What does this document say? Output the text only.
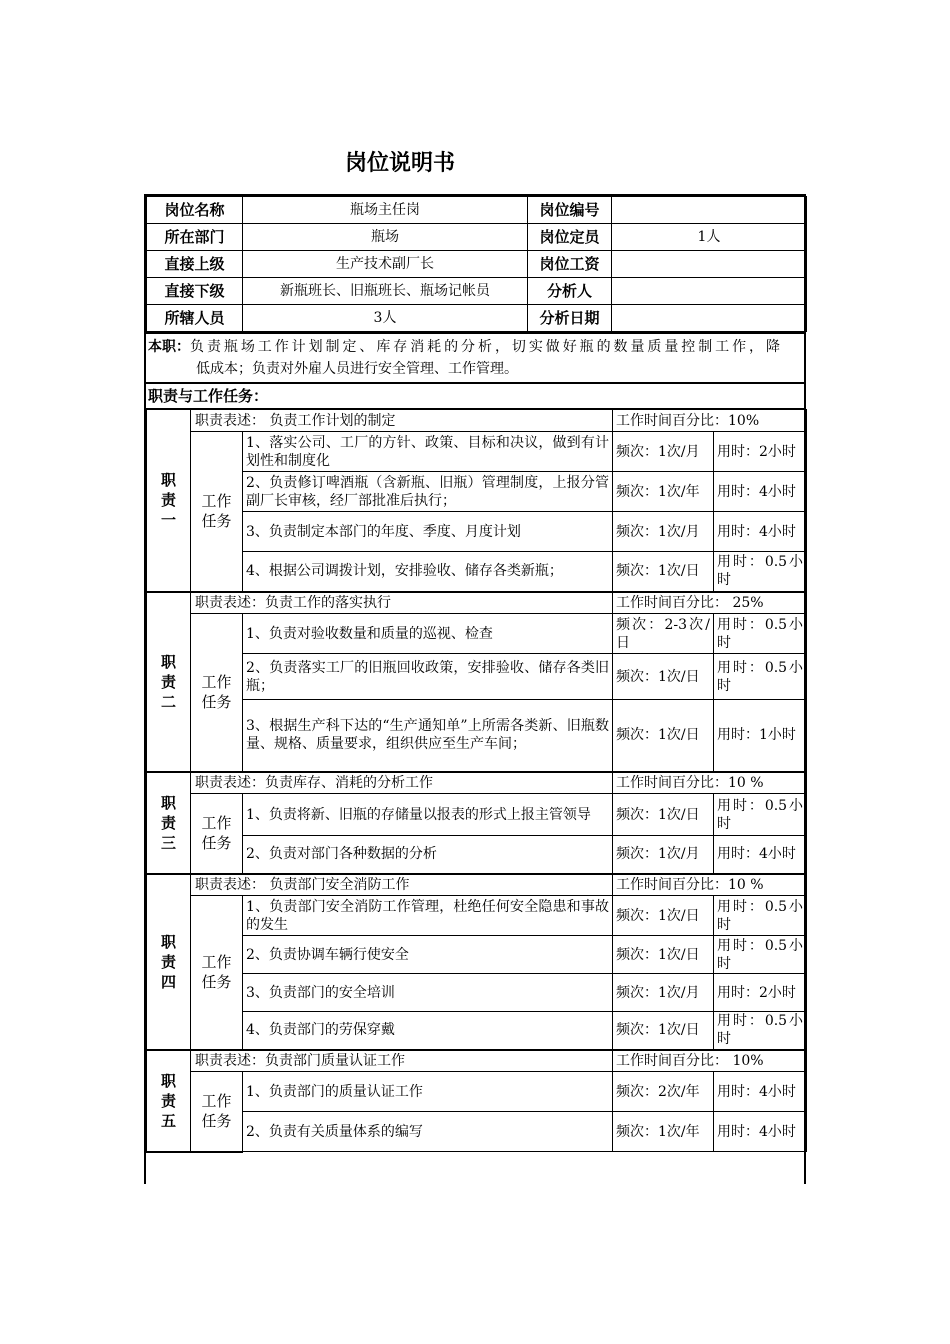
岗位说明书
岗位名称	瓶场主任岗	岗位编号	
所在部门	瓶场	岗位定员	1人
直接上级	生产技术副厂长	岗位工资	
直接下级	新瓶班长、旧瓶班长、瓶场记帐员	分析人	
所辖人员	3人	分析日期	
本职：负责瓶场工作计划制定、库存消耗的分析，切实做好瓶的数量质量控制工作，降
低成本；负责对外雇人员进行安全管理、工作管理。
职责与工作任务：
职
责
一	职责表述： 负责工作计划的制定		工作时间百分比：10%	

	工作
任务	1、落实公司、工厂的方针、政策、目标和决议，做到有计划性和制度化	频次：1次/月	用时：2小时
		2、负责修订啤酒瓶（含新瓶、旧瓶）管理制度，上报分管副厂长审核，经厂部批准后执行；	频次：1次/年	用时：4小时
		3、负责制定本部门的年度、季度、月度计划	频次：1次/月	用时：4小时
		4、根据公司调拨计划，安排验收、储存各类新瓶；	频次：1次/日	用时：0.5小时

职
责
二	职责表述：负责工作的落实执行		工作时间百分比： 25%	

	工作
任务	1、负责对验收数量和质量的巡视、检查	频次：2-3次/日	用时：0.5小时
		2、负责落实工厂的旧瓶回收政策，安排验收、储存各类旧瓶；	频次：1次/日	用时：0.5小时
		3、根据生产科下达的“生产通知单”上所需各类新、旧瓶数量、规格、质量要求，组织供应至生产车间；	频次：1次/日	用时：1小时

职
责
三	职责表述：负责库存、消耗的分析工作		工作时间百分比：10 %	

	工作
任务	1、负责将新、旧瓶的存储量以报表的形式上报主管领导	频次：1次/日	用时：0.5小时
		2、负责对部门各种数据的分析	频次：1次/月	用时：4小时

职
责
四	职责表述： 负责部门安全消防工作		工作时间百分比：10 %	

	工作
任务	1、负责部门安全消防工作管理，杜绝任何安全隐患和事故的发生	频次：1次/日	用时：0.5小时
		2、负责协调车辆行使安全	频次：1次/日	用时：0.5小时
		3、负责部门的安全培训	频次：1次/月	用时：2小时
		4、负责部门的劳保穿戴	频次：1次/日	用时：0.5小时

职
责
五	职责表述：负责部门质量认证工作		工作时间百分比： 10%	

	工作
任务	1、负责部门的质量认证工作	频次：2次/年	用时：4小时
		2、负责有关质量体系的编写	频次：1次/年	用时：4小时
